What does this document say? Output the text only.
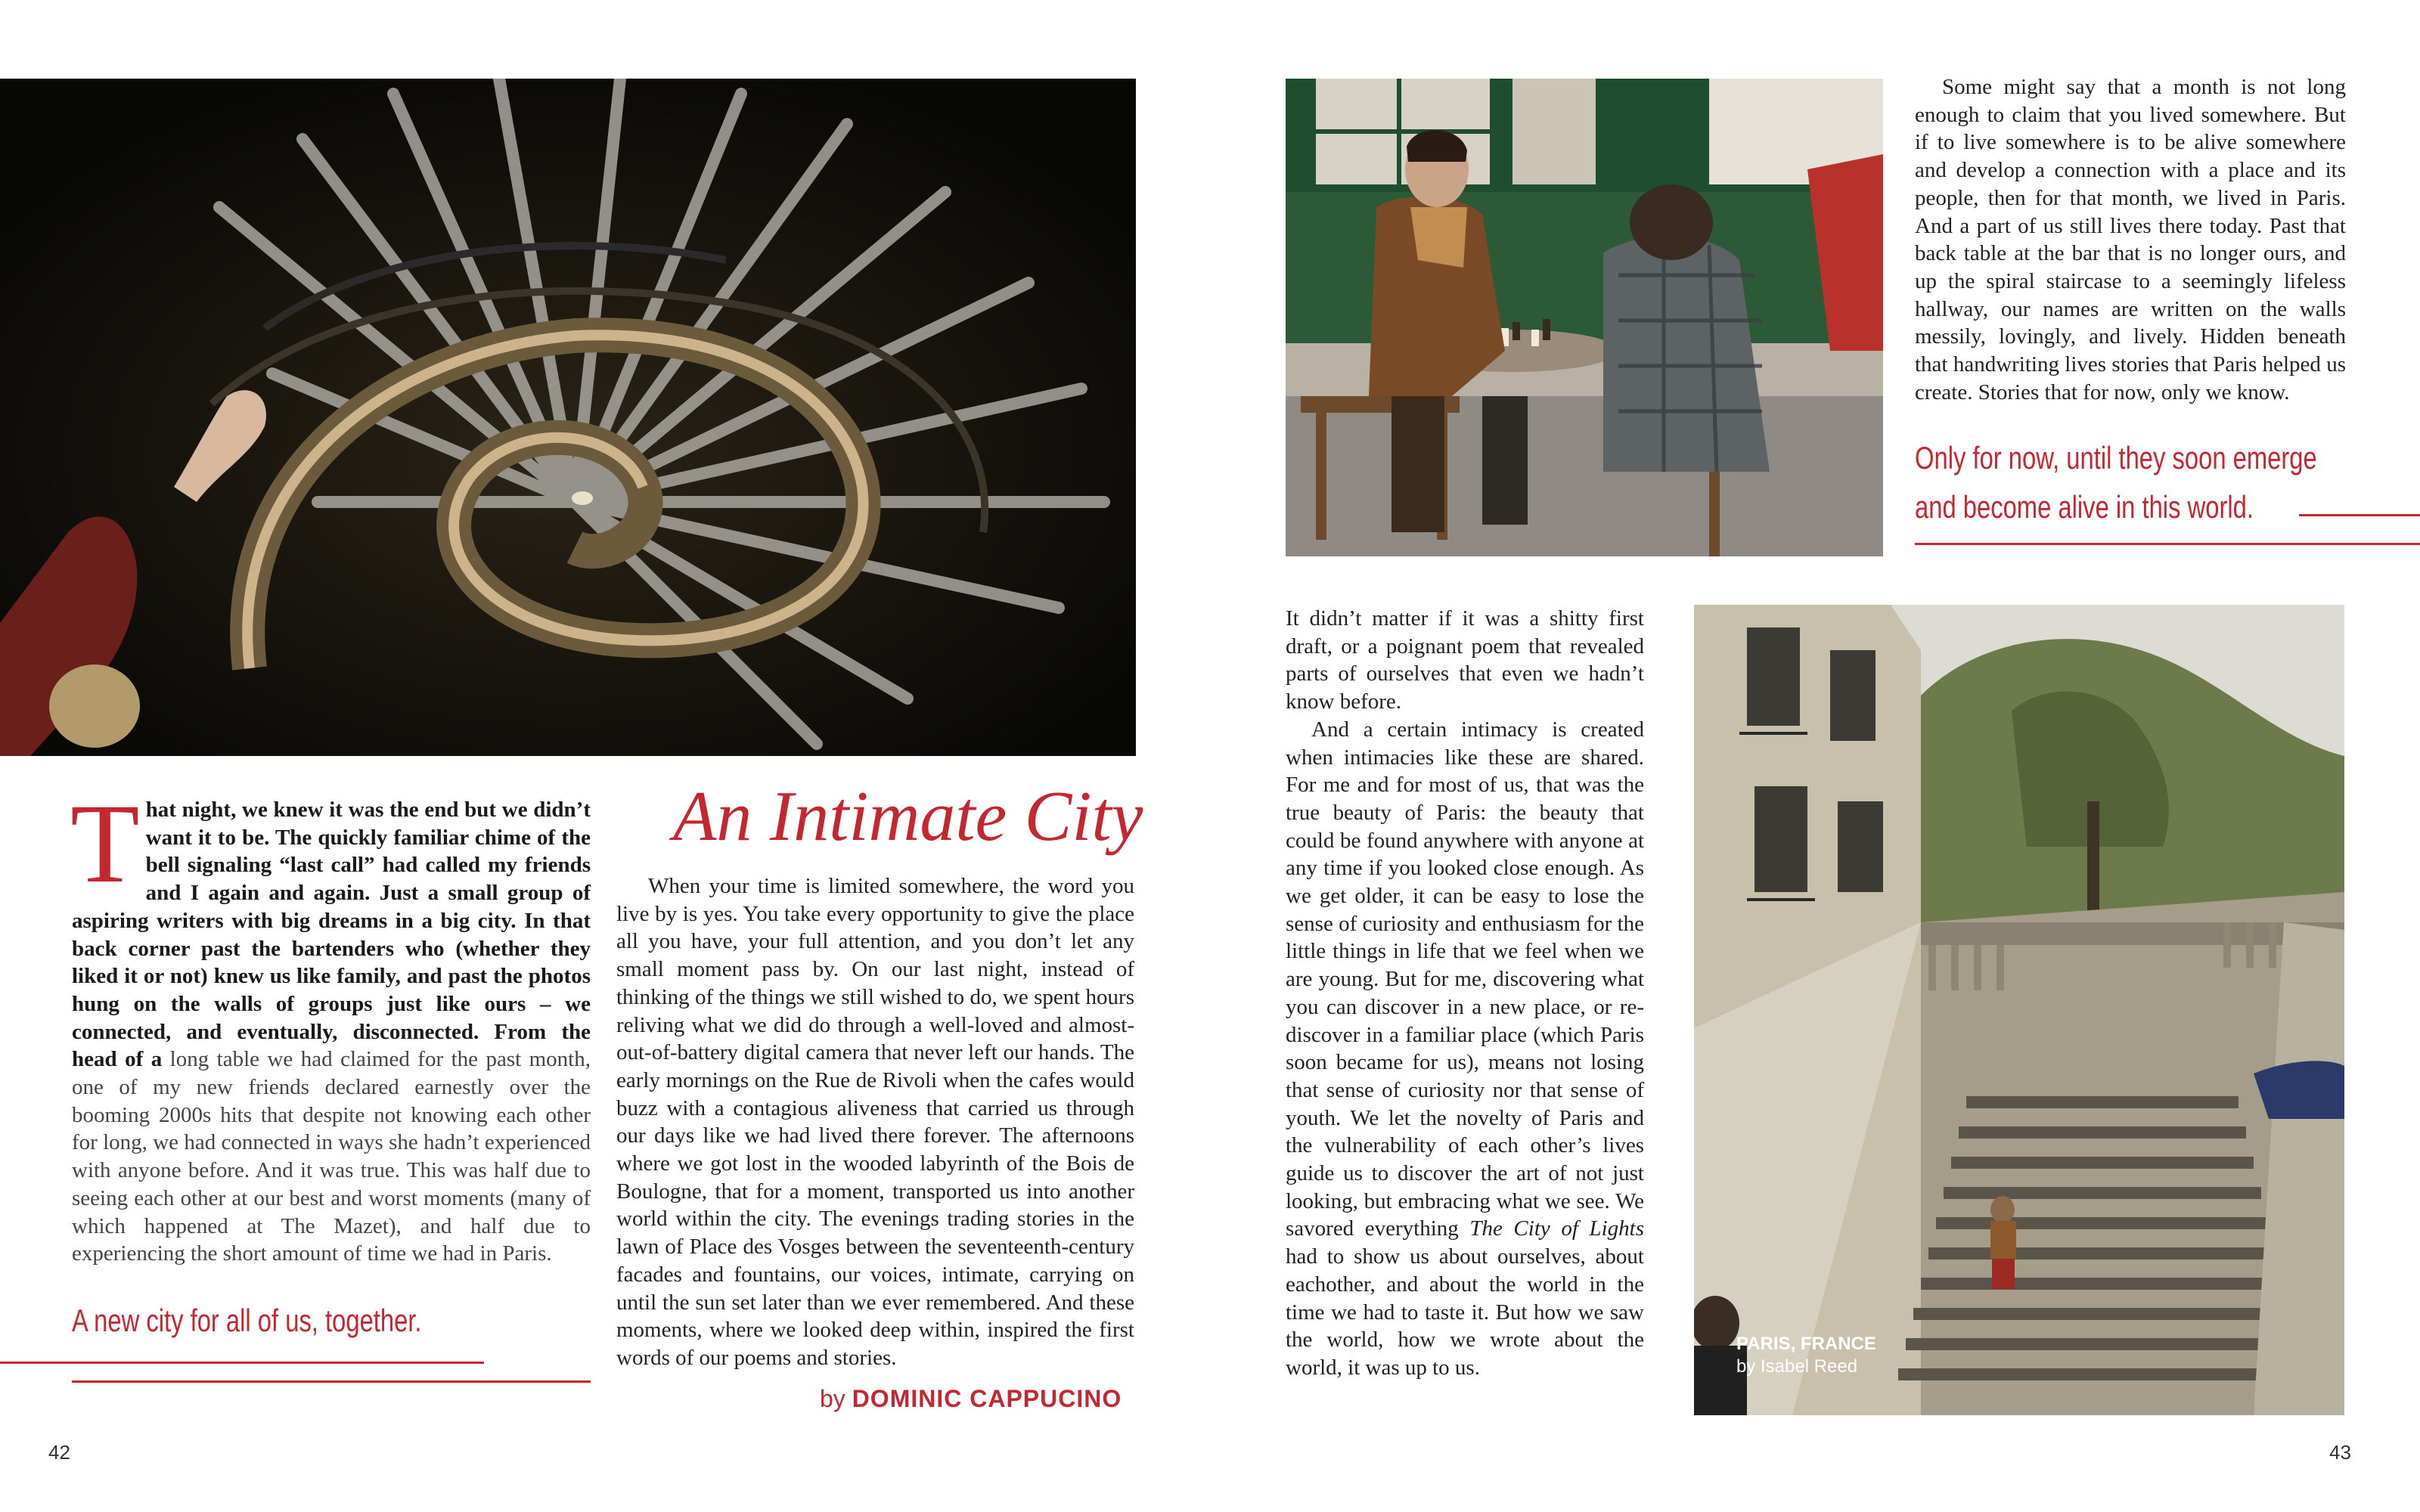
T hat night, we knew it was the end but we didn’t want it to be. The quickly familiar chime of the bell signaling “last call” had called my friends and I again and again. Just a small group of aspiring writers with big dreams in a big city. In that back corner past the bartenders who (whether they liked it or not) knew us like family, and past the photos hung on the walls of groups just like ours – we connected, and eventually, disconnected. From the head of a long table we had claimed for the past month, one of my new friends declared earnestly over the booming 2000s hits that despite not knowing each other for long, we had connected in ways she hadn’t experienced with anyone before. And it was true. This was half due to seeing each other at our best and worst moments (many of which happened at The Mazet), and half due to experiencing the short amount of time we had in Paris.
A new city for all of us, together.
An Intimate City

When your time is limited somewhere, the word you live by is yes. You take every opportunity to give the place all you have, your full attention, and you don’t let any small moment pass by. On our last night, instead of thinking of the things we still wished to do, we spent hours reliving what we did do through a well-loved and almost-out-of-battery digital camera that never left our hands. The early mornings on the Rue de Rivoli when the cafes would buzz with a contagious aliveness that carried us through our days like we had lived there forever. The afternoons where we got lost in the wooded labyrinth of the Bois de Boulogne, that for a moment, transported us into another world within the city. The evenings trading stories in the lawn of Place des Vosges between the seventeenth-century facades and fountains, our voices, intimate, carrying on until the sun set later than we ever remembered. And these moments, where we looked deep within, inspired the first words of our poems and stories.

by DOMINIC CAPPUCINO
42

Some might say that a month is not long enough to claim that you lived somewhere. But if to live somewhere is to be alive somewhere and develop a connection with a place and its people, then for that month, we lived in Paris. And a part of us still lives there today. Past that back table at the bar that is no longer ours, and up the spiral staircase to a seemingly lifeless hallway, our names are written on the walls messily, lovingly, and lively. Hidden beneath that handwriting lives stories that Paris helped us create. Stories that for now, only we know.

Only for now, until they soon emerge
and become alive in this world.

It didn’t matter if it was a shitty first draft, or a poignant poem that revealed parts of ourselves that even we hadn’t know before.

And a certain intimacy is created when intimacies like these are shared. For me and for most of us, that was the true beauty of Paris: the beauty that could be found anywhere with anyone at any time if you looked close enough. As we get older, it can be easy to lose the sense of curiosity and enthusiasm for the little things in life that we feel when we are young. But for me, discovering what you can discover in a new place, or re-discover in a familiar place (which Paris soon became for us), means not losing that sense of curiosity nor that sense of youth. We let the novelty of Paris and the vulnerability of each other’s lives guide us to discover the art of not just looking, but embracing what we see. We savored everything The City of Lights had to show us about ourselves, about eachother, and about the world in the time we had to taste it. But how we saw the world, how we wrote about the world, it was up to us.

PARIS, FRANCE
by Isabel Reed
43
